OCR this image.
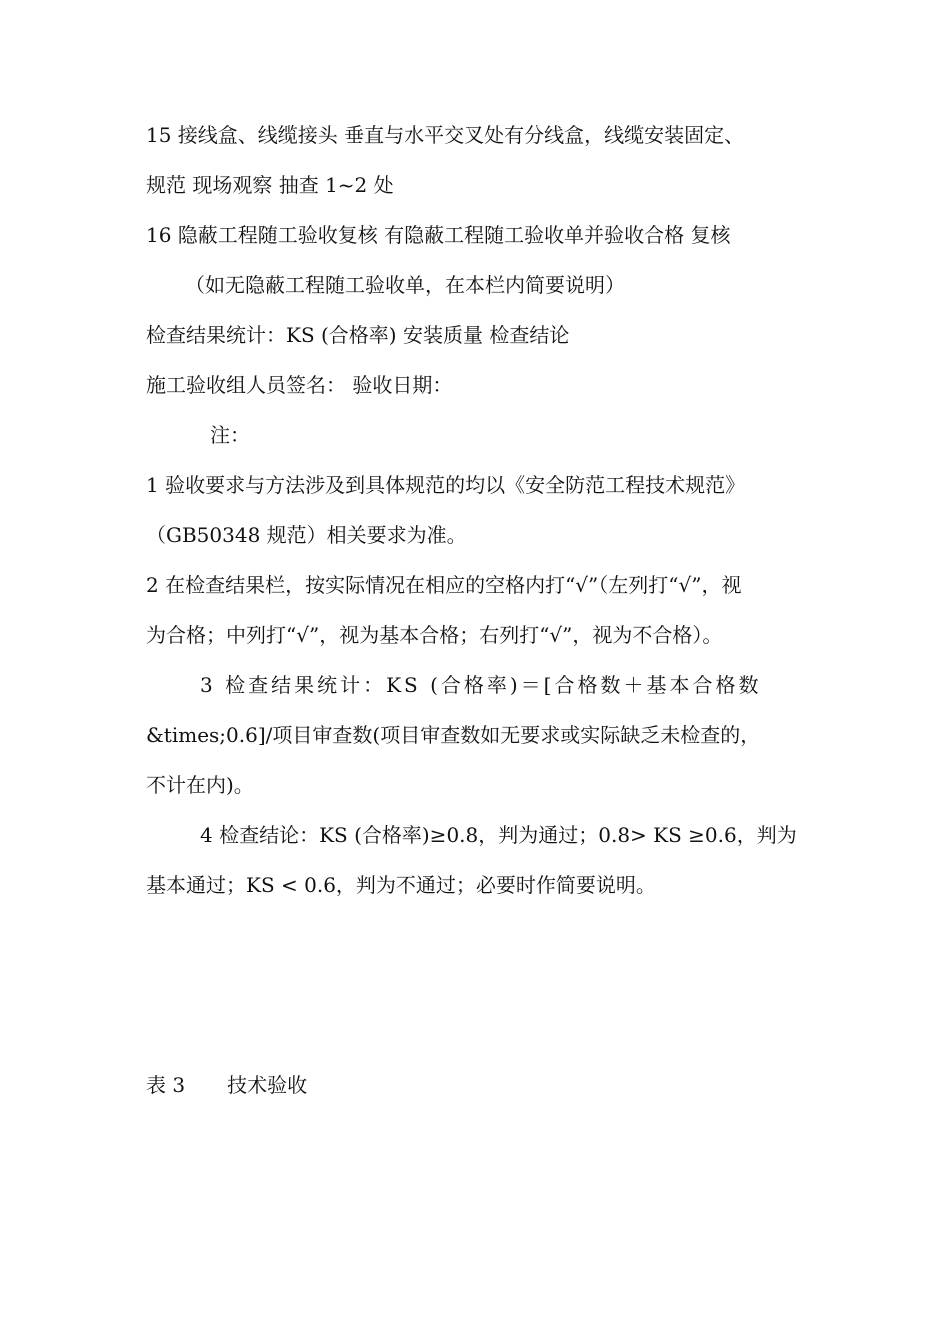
15 接线盒、线缆接头 垂直与水平交叉处有分线盒，线缆安装固定、
规范 现场观察 抽查 1~2 处
16 隐蔽工程随工验收复核 有隐蔽工程随工验收单并验收合格 复核
（如无隐蔽工程随工验收单，在本栏内简要说明）
检查结果统计：KS (合格率) 安装质量 检查结论
施工验收组人员签名： 验收日期：
注：
1 验收要求与方法涉及到具体规范的均以《安全防范工程技术规范》
（GB50348 规范）相关要求为准。
2 在检查结果栏，按实际情况在相应的空格内打“√”（左列打“√”，视
为合格；中列打“√”，视为基本合格；右列打“√”，视为不合格）。
3 检查结果统计：KS (合格率)＝[合格数＋基本合格数
&times;0.6]/项目审查数(项目审查数如无要求或实际缺乏未检查的，
不计在内)。
4 检查结论：KS (合格率)≥0.8，判为通过；0.8> KS ≥0.6，判为
基本通过；KS < 0.6，判为不通过；必要时作简要说明。
表 3 技术验收
